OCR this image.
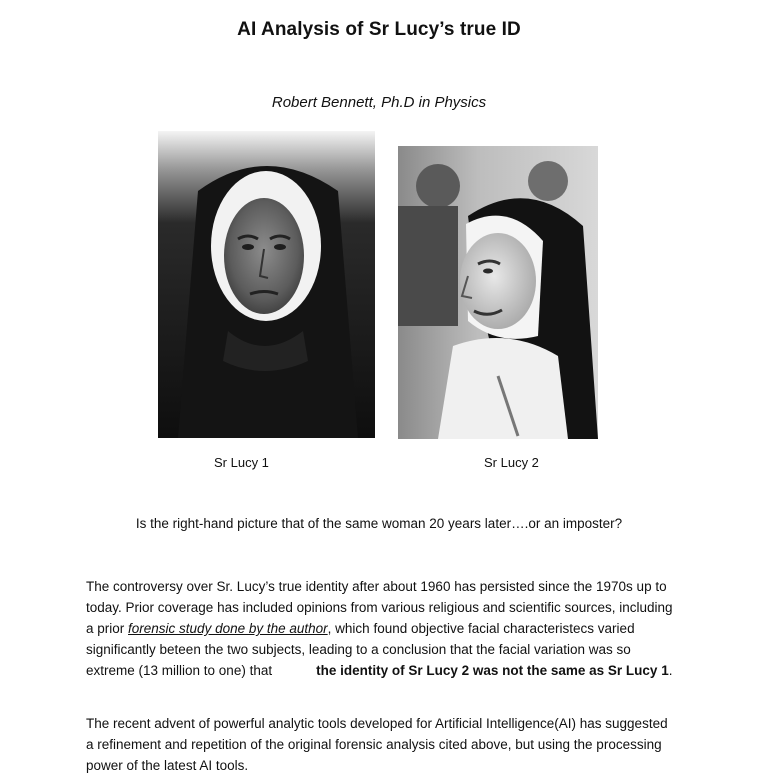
AI Analysis of Sr Lucy’s true ID
Robert Bennett, Ph.D in Physics
Sr Lucy 1	Sr Lucy 2
Is the right-hand picture that of the same woman 20 years later….or an imposter?
The controversy over Sr. Lucy’s true identity after about 1960 has persisted since the 1970s up to today. Prior coverage has included opinions from various religious and scientific sources, including a prior forensic study done by the author, which found objective facial characteristecs varied significantly beteen the two subjects, leading to a conclusion that the facial variation was so extreme (13 million to one) that	the identity of Sr Lucy 2 was not the same as Sr Lucy 1.
The recent advent of powerful analytic tools developed for Artificial Intelligence(AI) has suggested a refinement and repetition of the original forensic analysis cited above, but using the processing power of the latest AI tools.
